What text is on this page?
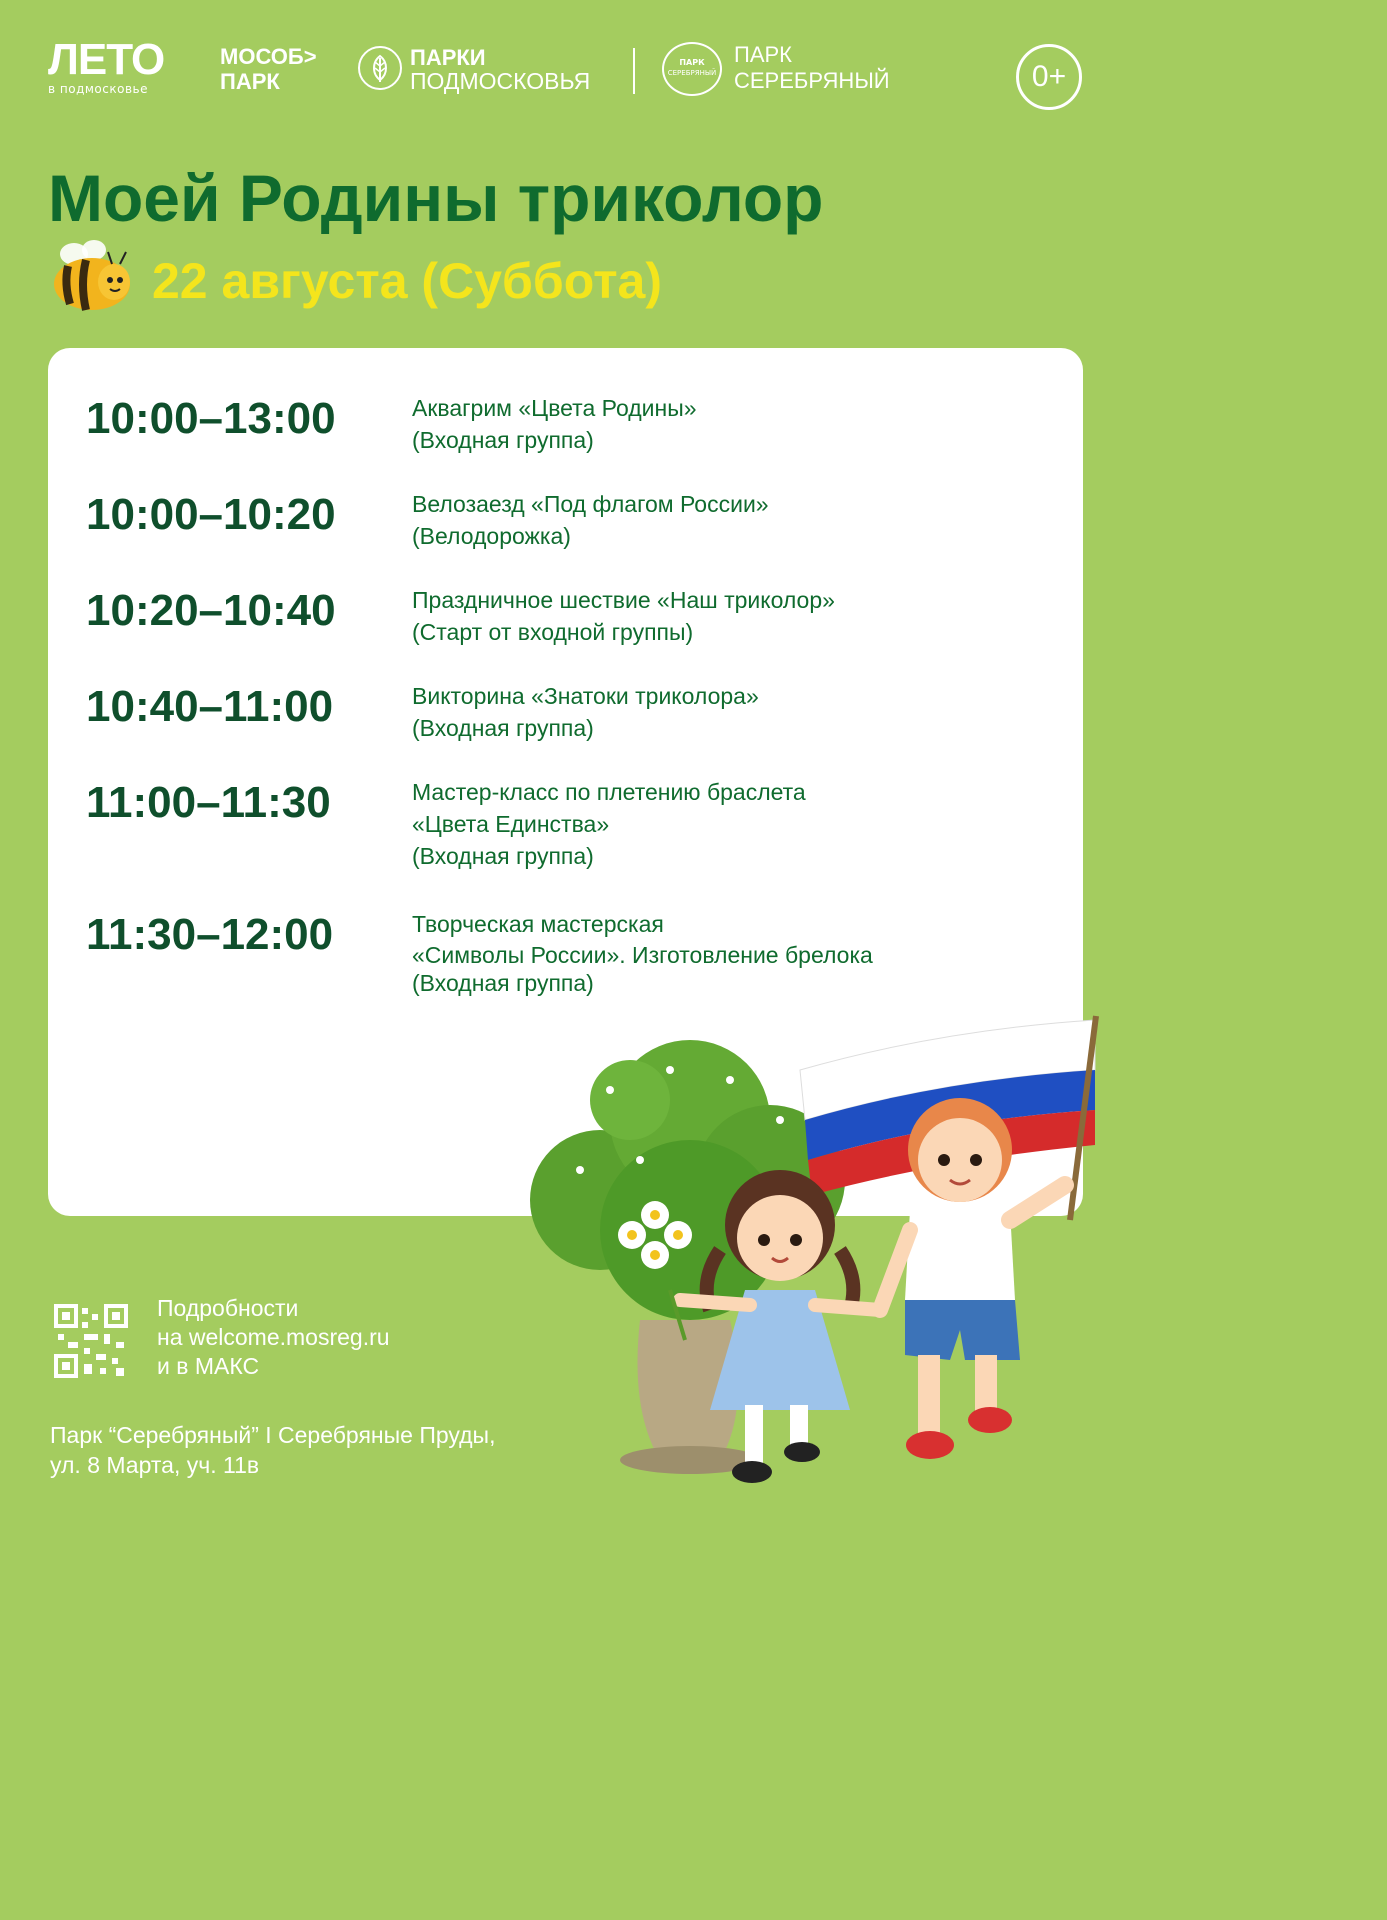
ЛЕТО
в подмосковье
МОСОБ>
ПАРК
ПАРКИ
ПОДМОСКОВЬЯ
ПАРК
СЕРЕБРЯНЫЙ
ПАРК
СЕРЕБРЯНЫЙ	0+
Моей Родины триколор
22 августа (Суббота)
10:00–13:00	Аквагрим «Цвета Родины»
(Входная группа)
10:00–10:20	Велозаезд «Под флагом России»
(Велодорожка)
10:20–10:40	Праздничное шествие «Наш триколор»
(Старт от входной группы)
10:40–11:00	Викторина «Знатоки триколора»
(Входная группа)
11:00–11:30	Мастер-класс по плетению браслета
«Цвета Единства»
(Входная группа)
11:30–12:00	Творческая мастерская
«Символы России». Изготовление брелока
(Входная группа)
Подробности
на welcome.mosreg.ru
и в МАКС
Парк “Серебряный” I Серебряные Пруды,
ул. 8 Марта, уч. 11в
